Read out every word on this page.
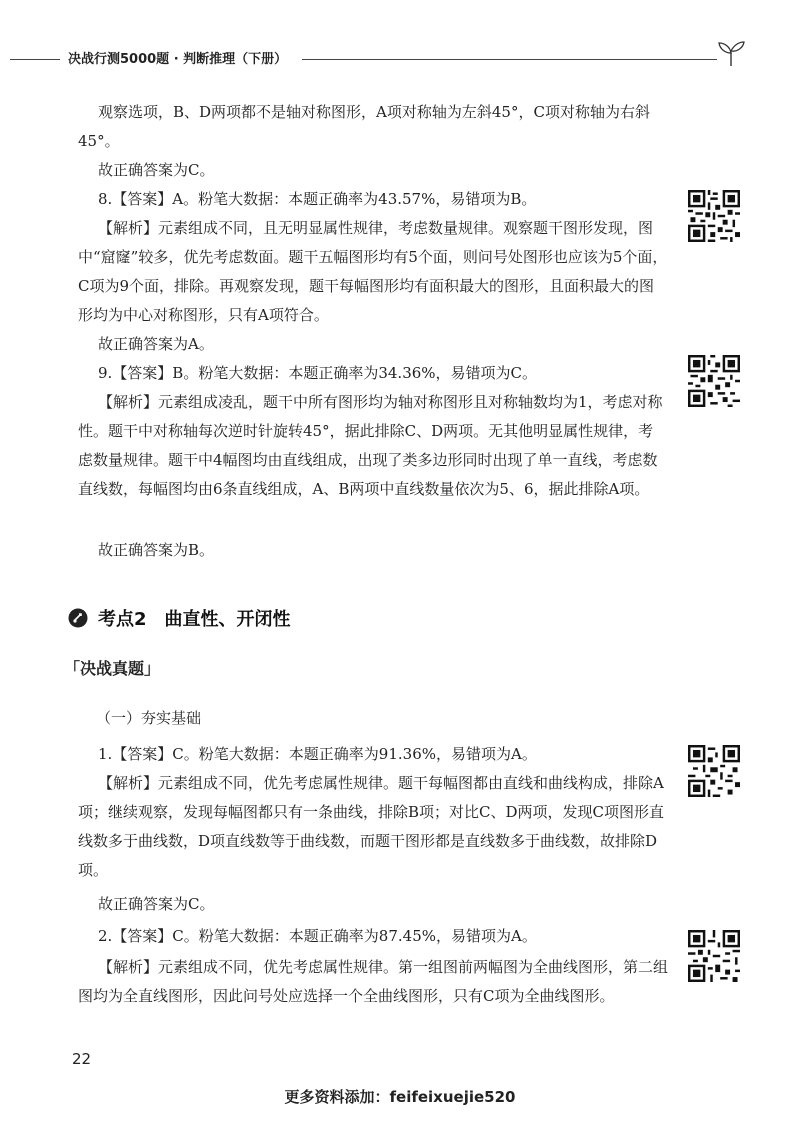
决战行测5000题 · 判断推理（下册）

观察选项，B、D两项都不是轴对称图形，A项对称轴为左斜45°，C项对称轴为右斜45°。

故正确答案为C。

8.【答案】A。粉笔大数据：本题正确率为43.57%，易错项为B。

【解析】元素组成不同，且无明显属性规律，考虑数量规律。观察题干图形发现，图中“窟窿”较多，优先考虑数面。题干五幅图形均有5个面，则问号处图形也应该为5个面，C项为9个面，排除。再观察发现，题干每幅图形均有面积最大的图形，且面积最大的图形均为中心对称图形，只有A项符合。

故正确答案为A。

9.【答案】B。粉笔大数据：本题正确率为34.36%，易错项为C。

【解析】元素组成凌乱，题干中所有图形均为轴对称图形且对称轴数均为1，考虑对称性。题干中对称轴每次逆时针旋转45°，据此排除C、D两项。无其他明显属性规律，考虑数量规律。题干中4幅图均由直线组成，出现了类多边形同时出现了单一直线，考虑数直线数，每幅图均由6条直线组成，A、B两项中直线数量依次为5、6，据此排除A项。

故正确答案为B。

考点2　曲直性、开闭性
「决战真题」
（一）夯实基础

1.【答案】C。粉笔大数据：本题正确率为91.36%，易错项为A。

【解析】元素组成不同，优先考虑属性规律。题干每幅图都由直线和曲线构成，排除A项；继续观察，发现每幅图都只有一条曲线，排除B项；对比C、D两项，发现C项图形直线数多于曲线数，D项直线数等于曲线数，而题干图形都是直线数多于曲线数，故排除D项。

故正确答案为C。

2.【答案】C。粉笔大数据：本题正确率为87.45%，易错项为A。

【解析】元素组成不同，优先考虑属性规律。第一组图前两幅图为全曲线图形，第二组图均为全直线图形，因此问号处应选择一个全曲线图形，只有C项为全曲线图形。

22
更多资料添加：feifeixuejie520
